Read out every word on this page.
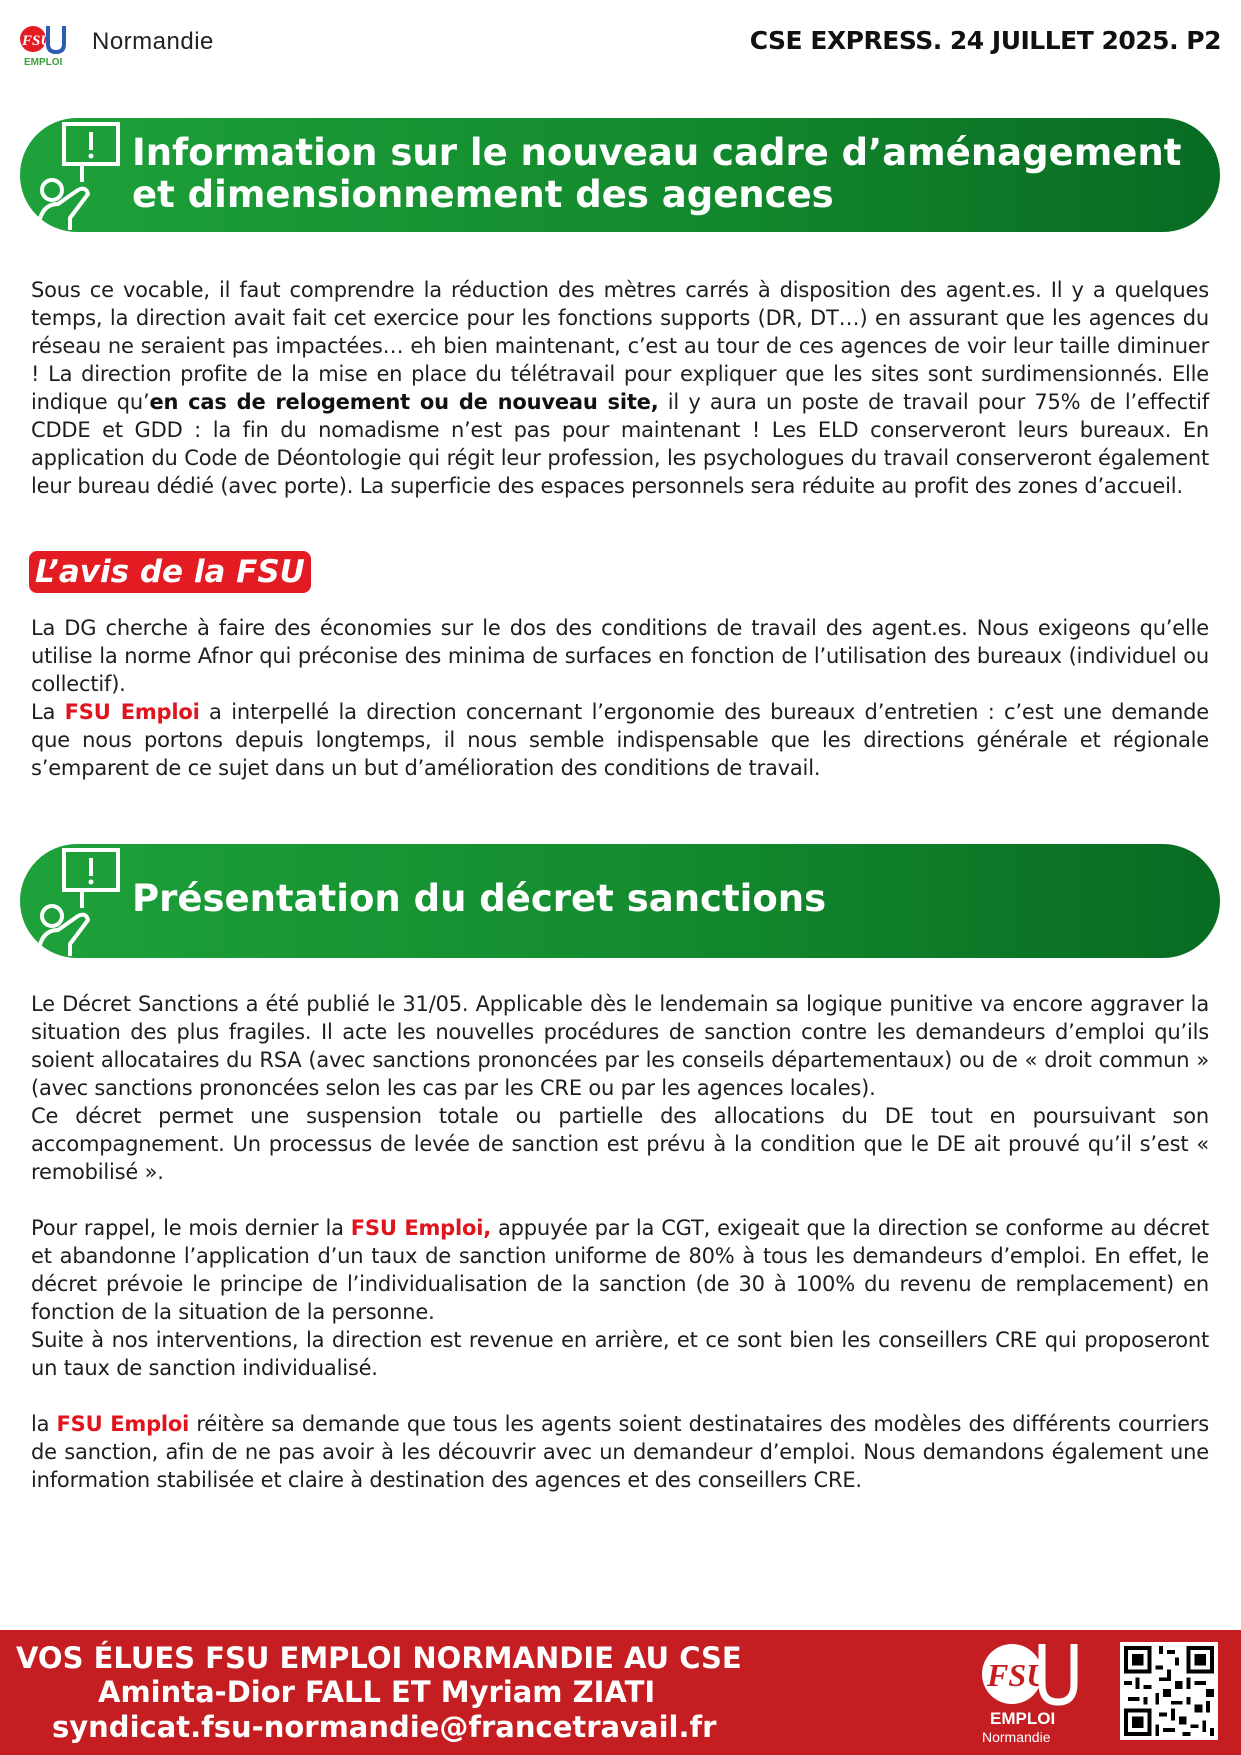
FSU
EMPLOI
Normandie	CSE EXPRESS. 24 JUILLET 2025. P2
Information sur le nouveau cadre d’aménagement et dimensionnement des agences

Sous ce vocable, il faut comprendre la réduction des mètres carrés à disposition des agent.es. Il y a quelques temps, la direction avait fait cet exercice pour les fonctions supports (DR, DT…) en assurant que les agences du réseau ne seraient pas impactées… eh bien maintenant, c’est au tour de ces agences de voir leur taille diminuer ! La direction profite de la mise en place du télétravail pour expliquer que les sites sont surdimensionnés. Elle indique qu’en cas de relogement ou de nouveau site, il y aura un poste de travail pour 75% de l’effectif CDDE et GDD : la fin du nomadisme n’est pas pour maintenant ! Les ELD conserveront leurs bureaux. En application du Code de Déontologie qui régit leur profession, les psychologues du travail conserveront également leur bureau dédié (avec porte). La superficie des espaces personnels sera réduite au profit des zones d’accueil.

L’avis de la FSU

La DG cherche à faire des économies sur le dos des conditions de travail des agent.es. Nous exigeons qu’elle utilise la norme Afnor qui préconise des minima de surfaces en fonction de l’utilisation des bureaux (individuel ou collectif).

La FSU Emploi a interpellé la direction concernant l’ergonomie des bureaux d’entretien : c’est une demande que nous portons depuis longtemps, il nous semble indispensable que les directions générale et régionale s’emparent de ce sujet dans un but d’amélioration des conditions de travail.

Présentation du décret sanctions

Le Décret Sanctions a été publié le 31/05. Applicable dès le lendemain sa logique punitive va encore aggraver la situation des plus fragiles. Il acte les nouvelles procédures de sanction contre les demandeurs d’emploi qu’ils soient allocataires du RSA (avec sanctions prononcées par les conseils départementaux) ou de « droit commun » (avec sanctions prononcées selon les cas par les CRE ou par les agences locales).

Ce décret permet une suspension totale ou partielle des allocations du DE tout en poursuivant son accompagnement. Un processus de levée de sanction est prévu à la condition que le DE ait prouvé qu’il s’est « remobilisé ».

Pour rappel, le mois dernier la FSU Emploi, appuyée par la CGT, exigeait que la direction se conforme au décret et abandonne l’application d’un taux de sanction uniforme de 80% à tous les demandeurs d’emploi. En effet, le décret prévoie le principe de l’individualisation de la sanction (de 30 à 100% du revenu de remplacement) en fonction de la situation de la personne.

Suite à nos interventions, la direction est revenue en arrière, et ce sont bien les conseillers CRE qui proposeront un taux de sanction individualisé.

la FSU Emploi réitère sa demande que tous les agents soient destinataires des modèles des différents courriers de sanction, afin de ne pas avoir à les découvrir avec un demandeur d’emploi. Nous demandons également une information stabilisée et claire à destination des agences et des conseillers CRE.

VOS ÉLUES FSU EMPLOI NORMANDIE AU CSE
Aminta-Dior FALL ET Myriam ZIATI
syndicat.fsu-normandie@francetravail.fr
FSU
EMPLOI
Normandie
